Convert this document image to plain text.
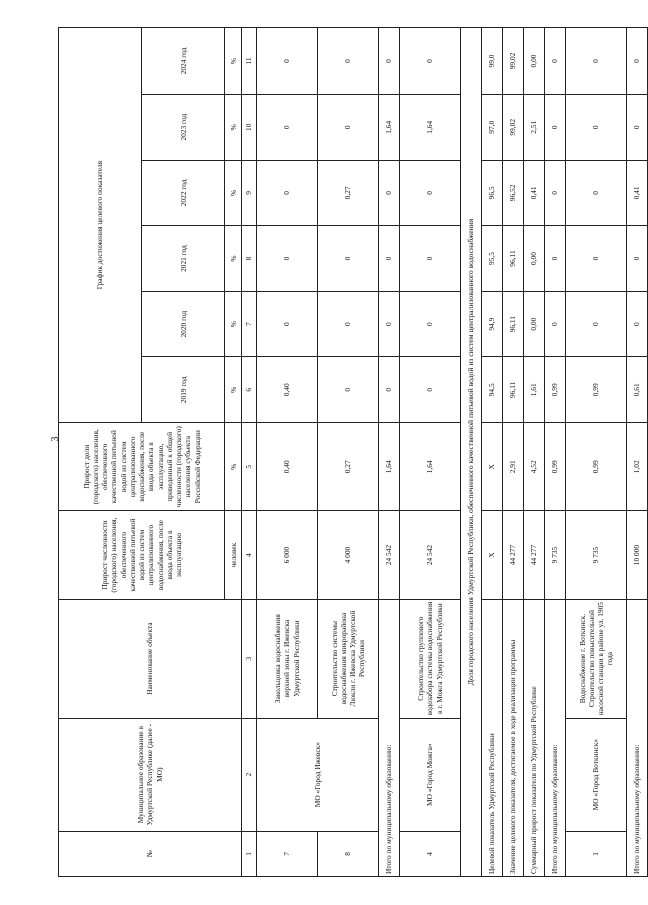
3
№	Муниципальное образование в Удмуртской Республике (далее - МО)	Наименование объекта	Прирост численности (городского) населения, обеспеченного качественной питьевой водой из систем централизованного водоснабжения, после ввода объекта в эксплуатацию	Прирост доли (городского) населения, обеспеченного качественной питьевой водой из систем централизованного водоснабжения, после ввода объекта в эксплуатацию, приведенный к общей численности (городского) населения субъекта Российской Федерации	График достижения целевого показателя					
					2019 год	2020 год	2021 год	2022 год	2023 год	2024 год
			человек	%	%	%	%	%	%	%
1	2	3	4	5	6	7	8	9	10	11
7	МО «Город Ижевск»	Закольцовка водоснабжения верхней зоны г. Ижевска Удмуртской Республики	6 000	0,40	0,40	0	0	0	0	0
8		Строительство системы водоснабжения микрорайона Люкли г. Ижевска Удмуртской Республики	4 000	0,27	0	0	0	0,27	0	0
Итого по муниципальному образованию:			24 542	1,64	0	0	0	0	1,64	0
4	МО «Город Можга»	Строительство группового водозабора системы водоснабжения в г. Можга Удмуртской Республики	24 542	1,64	0	0	0	0	1,64	0
Доля городского населения Удмуртской Республики, обеспеченного качественной питьевой водой из систем централизованного водоснабжения										
Целевой показатель Удмуртской Республики			X	X	94,5	94,9	95,5	96,5	97,0	99,0
Значение целевого показателя, достигаемое в ходе реализации программы			44 277	2,91	96,11	96,11	96,11	96,52	99,02	99,02
Суммарный прирост показателя по Удмуртской Республике			44 277	4,52	1,61	0,00	0,00	0,41	2,51	0,00
Итого по муниципальному образованию:			9 735	0,99	0,99	0	0	0	0	0
1	МО «Город Воткинск»	Водоснабжение г. Воткинск. Строительство повысительной насосной станции в районе ул. 1905 года	9 735	0,99	0,99	0	0	0	0	0
Итого по муниципальному образованию:			10 000	1,02	0,61	0	0	0,41	0	0
